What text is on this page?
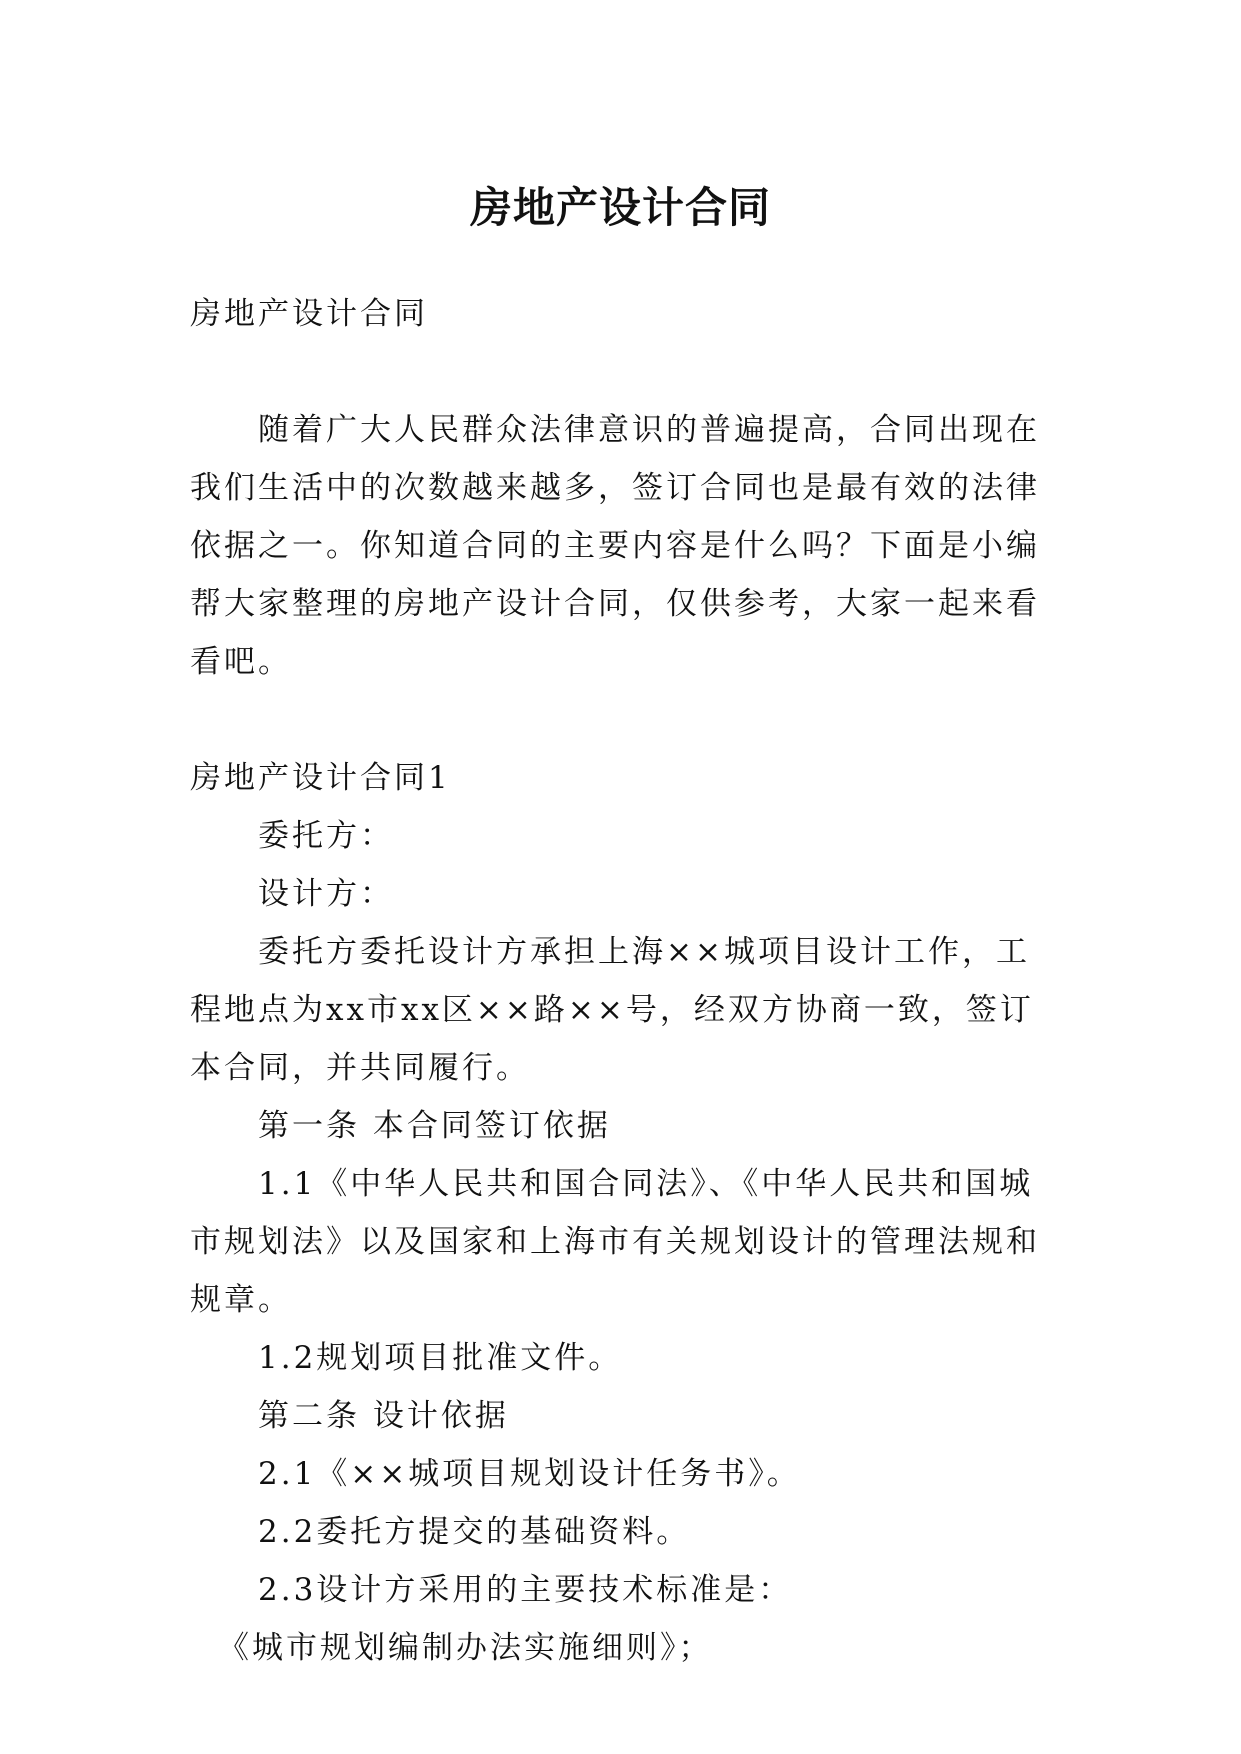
房地产设计合同

房地产设计合同

随着广大人民群众法律意识的普遍提高，合同出现在我们生活中的次数越来越多，签订合同也是最有效的法律依据之一。你知道合同的主要内容是什么吗？下面是小编帮大家整理的房地产设计合同，仅供参考，大家一起来看看吧。

房地产设计合同1

委托方：

设计方：

委托方委托设计方承担上海××城项目设计工作，工程地点为xx市xx区××路××号，经双方协商一致，签订本合同，并共同履行。

第一条 本合同签订依据

1.1《中华人民共和国合同法》、《中华人民共和国城市规划法》以及国家和上海市有关规划设计的管理法规和规章。

1.2规划项目批准文件。

第二条 设计依据

2.1《××城项目规划设计任务书》。

2.2委托方提交的基础资料。

2.3设计方采用的主要技术标准是：

《城市规划编制办法实施细则》；
